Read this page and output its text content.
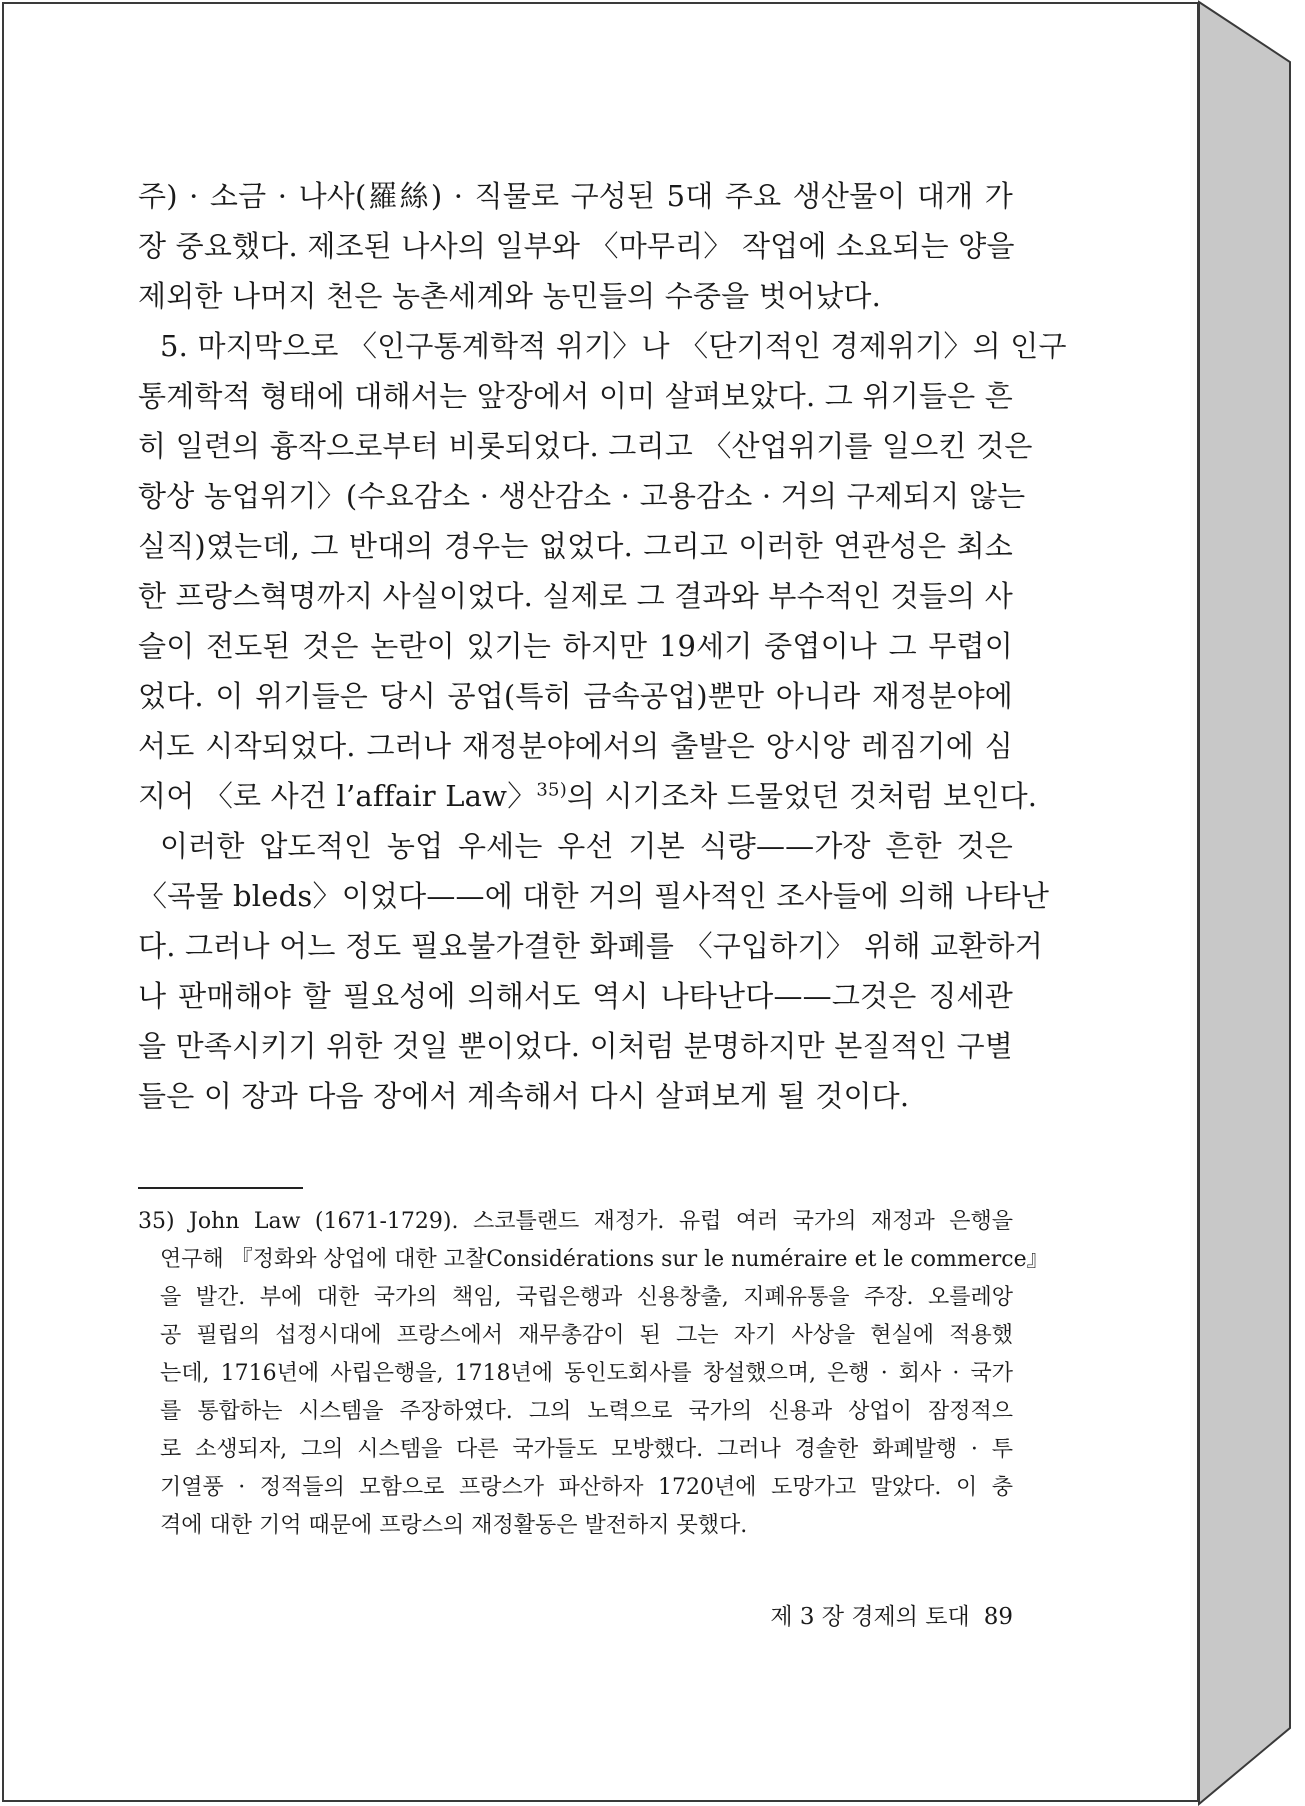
주) · 소금 · 나사(羅絲) · 직물로 구성된 5대 주요 생산물이 대개 가

장 중요했다. 제조된 나사의 일부와 〈마무리〉 작업에 소요되는 양을

제외한 나머지 천은 농촌세계와 농민들의 수중을 벗어났다.

5. 마지막으로 〈인구통계학적 위기〉나 〈단기적인 경제위기〉의 인구

통계학적 형태에 대해서는 앞장에서 이미 살펴보았다. 그 위기들은 흔

히 일련의 흉작으로부터 비롯되었다. 그리고 〈산업위기를 일으킨 것은

항상 농업위기〉(수요감소 · 생산감소 · 고용감소 · 거의 구제되지 않는

실직)였는데, 그 반대의 경우는 없었다. 그리고 이러한 연관성은 최소

한 프랑스혁명까지 사실이었다. 실제로 그 결과와 부수적인 것들의 사

슬이 전도된 것은 논란이 있기는 하지만 19세기 중엽이나 그 무렵이

었다. 이 위기들은 당시 공업(특히 금속공업)뿐만 아니라 재정분야에

서도 시작되었다. 그러나 재정분야에서의 출발은 앙시앙 레짐기에 심

지어 〈로 사건 l’affair Law〉$^{35)}$의 시기조차 드물었던 것처럼 보인다.

이러한 압도적인 농업 우세는 우선 기본 식량——가장 흔한 것은

〈곡물 bleds〉이었다——에 대한 거의 필사적인 조사들에 의해 나타난

다. 그러나 어느 정도 필요불가결한 화폐를 〈구입하기〉 위해 교환하거

나 판매해야 할 필요성에 의해서도 역시 나타난다——그것은 징세관

을 만족시키기 위한 것일 뿐이었다. 이처럼 분명하지만 본질적인 구별

들은 이 장과 다음 장에서 계속해서 다시 살펴보게 될 것이다.

35) John Law (1671-1729). 스코틀랜드 재정가. 유럽 여러 국가의 재정과 은행을

연구해 『정화와 상업에 대한 고찰Considérations sur le numéraire et le commerce』

을 발간. 부에 대한 국가의 책임, 국립은행과 신용창출, 지폐유통을 주장. 오를레앙

공 필립의 섭정시대에 프랑스에서 재무총감이 된 그는 자기 사상을 현실에 적용했

는데, 1716년에 사립은행을, 1718년에 동인도회사를 창설했으며, 은행 · 회사 · 국가

를 통합하는 시스템을 주장하였다. 그의 노력으로 국가의 신용과 상업이 잠정적으

로 소생되자, 그의 시스템을 다른 국가들도 모방했다. 그러나 경솔한 화폐발행 · 투

기열풍 · 정적들의 모함으로 프랑스가 파산하자 1720년에 도망가고 말았다. 이 충

격에 대한 기억 때문에 프랑스의 재정활동은 발전하지 못했다.

제 3 장 경제의 토대 89
